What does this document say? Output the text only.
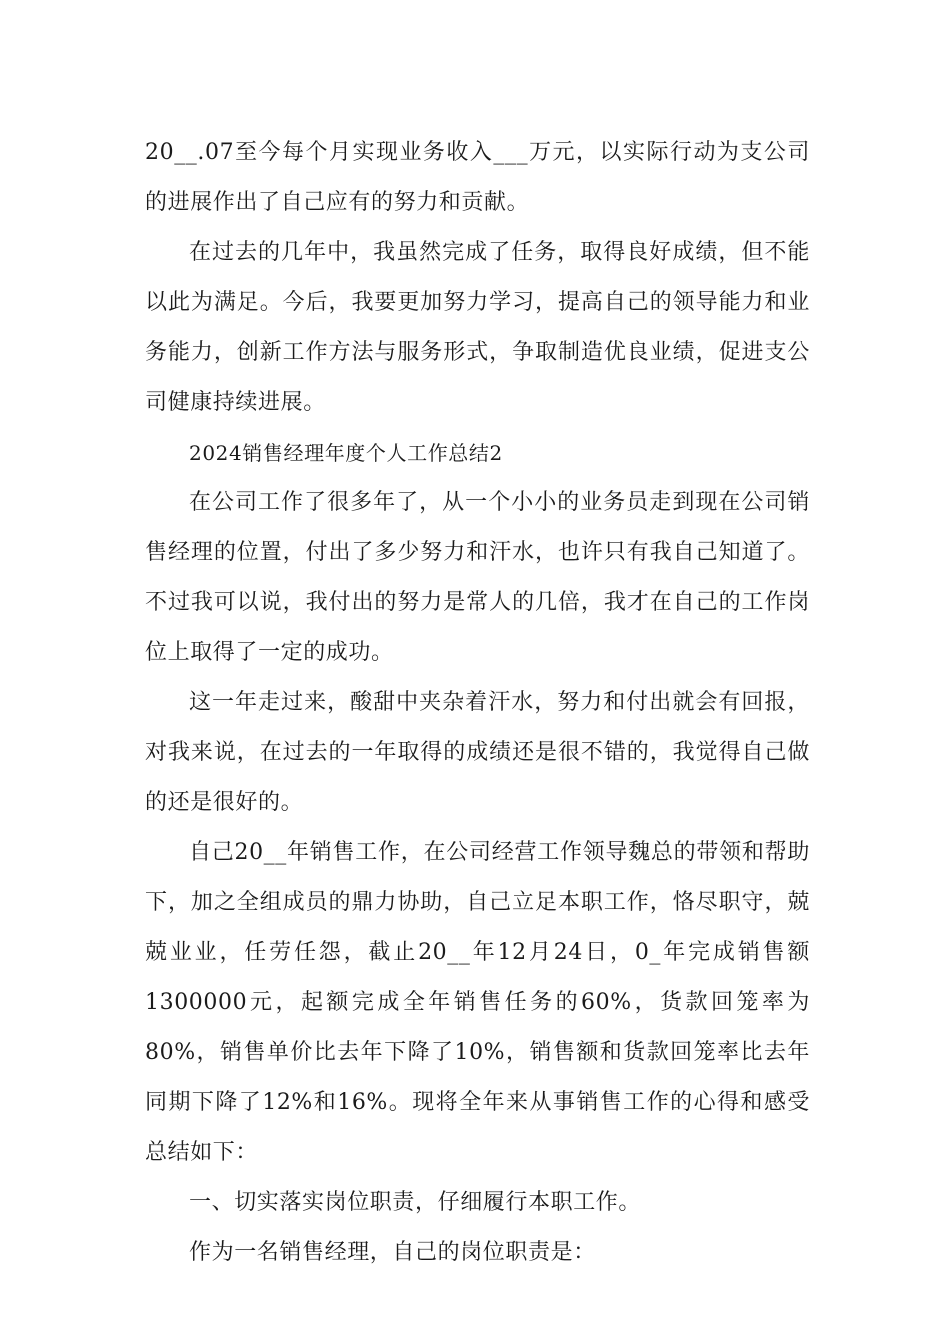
20__.07至今每个月实现业务收入___万元，以实际行动为支公司的进展作出了自己应有的努力和贡献。

在过去的几年中，我虽然完成了任务，取得良好成绩，但不能以此为满足。今后，我要更加努力学习，提高自己的领导能力和业务能力，创新工作方法与服务形式，争取制造优良业绩，促进支公司健康持续进展。

2024销售经理年度个人工作总结2

在公司工作了很多年了，从一个小小的业务员走到现在公司销售经理的位置，付出了多少努力和汗水，也许只有我自己知道了。不过我可以说，我付出的努力是常人的几倍，我才在自己的工作岗位上取得了一定的成功。

这一年走过来，酸甜中夹杂着汗水，努力和付出就会有回报，对我来说，在过去的一年取得的成绩还是很不错的，我觉得自己做的还是很好的。

自己20__年销售工作，在公司经营工作领导魏总的带领和帮助下，加之全组成员的鼎力协助，自己立足本职工作，恪尽职守，兢兢业业，任劳任怨，截止20__年12月24日，0_年完成销售额1300000元，起额完成全年销售任务的60%，货款回笼率为80%，销售单价比去年下降了10%，销售额和货款回笼率比去年同期下降了12%和16%。现将全年来从事销售工作的心得和感受总结如下：

一、切实落实岗位职责，仔细履行本职工作。

作为一名销售经理，自己的岗位职责是：
